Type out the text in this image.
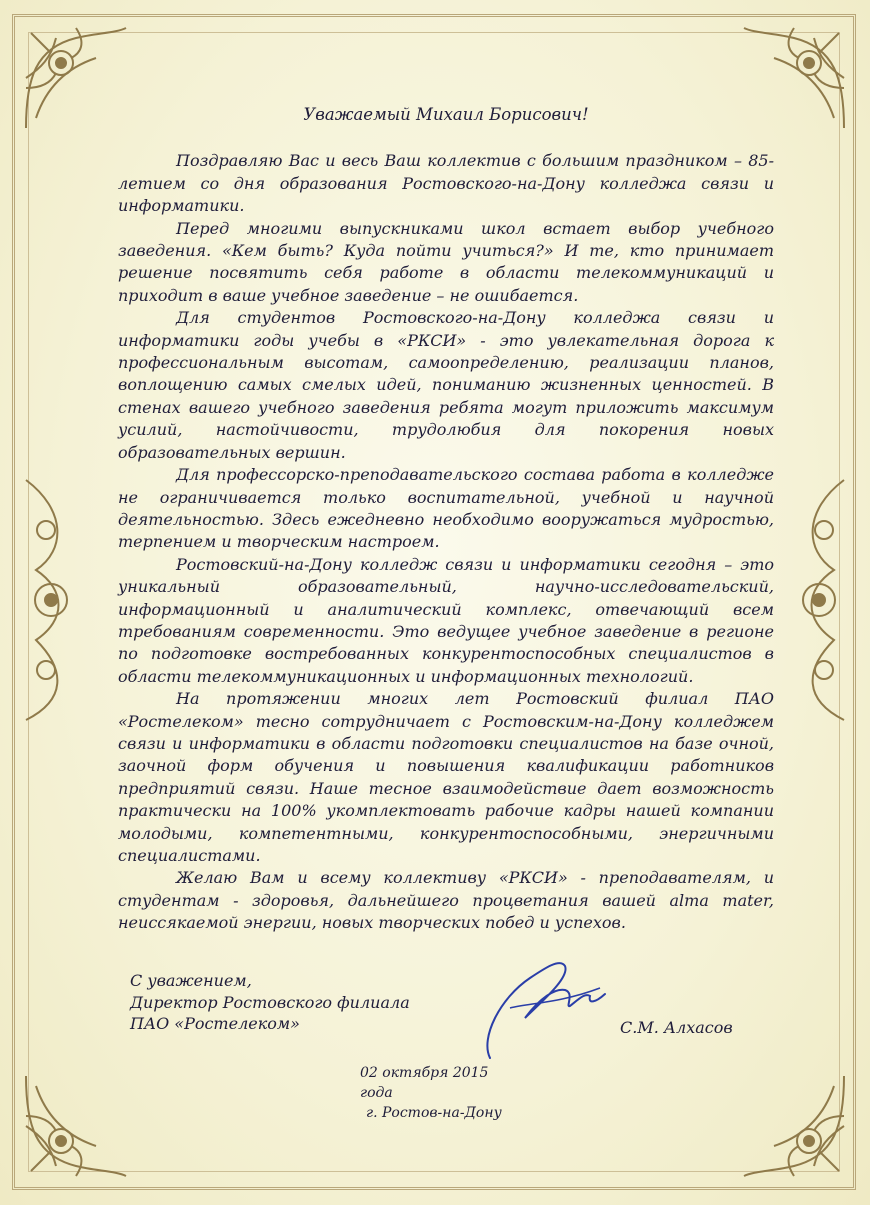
Уважаемый Михаил Борисович!

Поздравляю Вас и весь Ваш коллектив с большим праздником – 85-летием со дня образования Ростовского-на-Дону колледжа связи и информатики.

Перед многими выпускниками школ встает выбор учебного заведения. «Кем быть? Куда пойти учиться?» И те, кто принимает решение посвятить себя работе в области телекоммуникаций и приходит в ваше учебное заведение – не ошибается.

Для студентов Ростовского-на-Дону колледжа связи и информатики годы учебы в «РКСИ» - это увлекательная дорога к профессиональным высотам, самоопределению, реализации планов, воплощению самых смелых идей, пониманию жизненных ценностей. В стенах вашего учебного заведения ребята могут приложить максимум усилий, настойчивости, трудолюбия для покорения новых образовательных вершин.

Для профессорско-преподавательского состава работа в колледже не ограничивается только воспитательной, учебной и научной деятельностью. Здесь ежедневно необходимо вооружаться мудростью, терпением и творческим настроем.

Ростовский-на-Дону колледж связи и информатики сегодня – это уникальный образовательный, научно-исследовательский, информационный и аналитический комплекс, отвечающий всем требованиям современности. Это ведущее учебное заведение в регионе по подготовке востребованных конкурентоспособных специалистов в области телекоммуникационных и информационных технологий.

На протяжении многих лет Ростовский филиал ПАО «Ростелеком» тесно сотрудничает с Ростовским-на-Дону колледжем связи и информатики в области подготовки специалистов на базе очной, заочной форм обучения и повышения квалификации работников предприятий связи. Наше тесное взаимодействие дает возможность практически на 100% укомплектовать рабочие кадры нашей компании молодыми, компетентными, конкурентоспособными, энергичными специалистами.

Желаю Вам и всему коллективу «РКСИ» - преподавателям, и студентам - здоровья, дальнейшего процветания вашей alma mater, неиссякаемой энергии, новых творческих побед и успехов.

С уважением,
Директор Ростовского филиала
ПАО «Ростелеком»	С.М. Алхасов
02 октября 2015 года
г. Ростов-на-Дону
